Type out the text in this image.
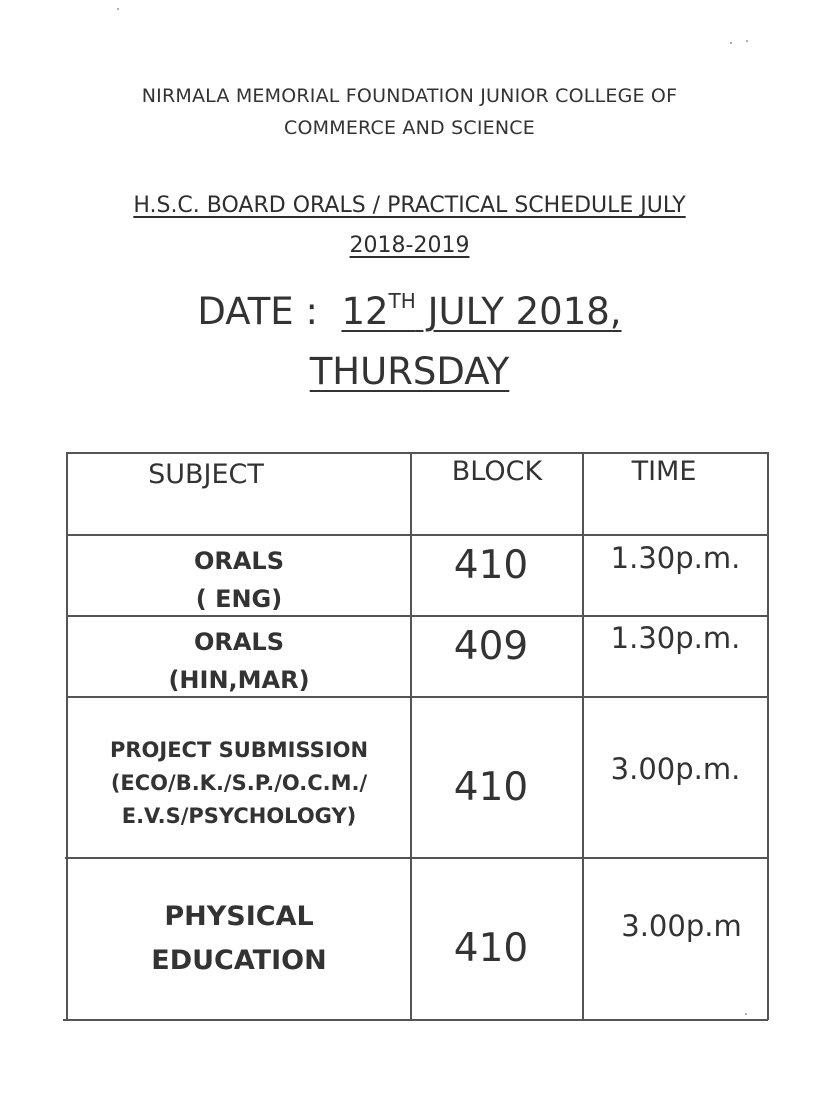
NIRMALA MEMORIAL FOUNDATION JUNIOR COLLEGE OF
COMMERCE AND SCIENCE
H.S.C. BOARD ORALS / PRACTICAL SCHEDULE JULY
2018-2019
DATE : 12TH JULY 2018,
THURSDAY
SUBJECT	BLOCK	TIME
ORALS
( ENG)
410	1.30p.m.
ORALS
(HIN,MAR)
409	1.30p.m.
PROJECT SUBMISSION
(ECO/B.K./S.P./O.C.M./
E.V.S/PSYCHOLOGY)
410	3.00p.m.
PHYSICAL
EDUCATION	410	3.00p.m
